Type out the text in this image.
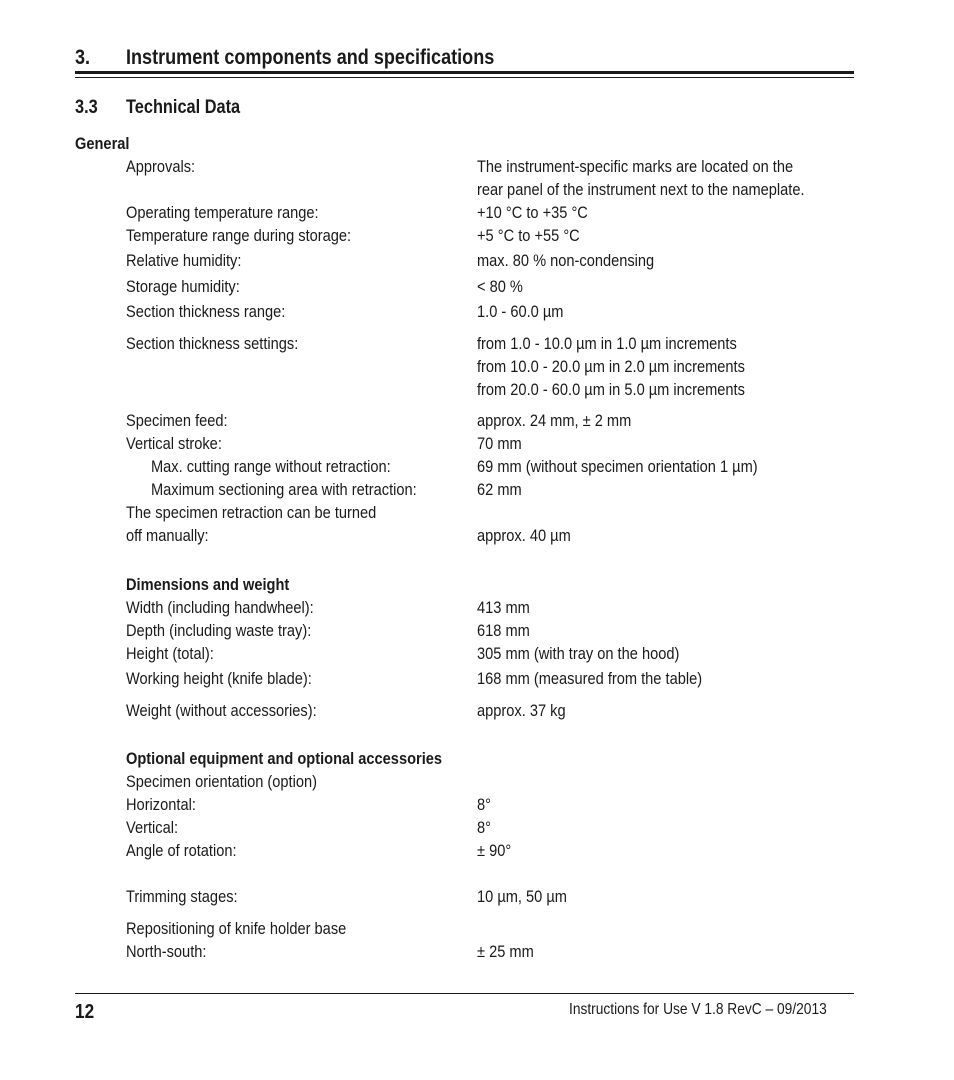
3. Instrument components and specifications
3.3 Technical Data
General
Approvals:	The instrument-specific marks are located on the
rear panel of the instrument next to the nameplate.
Operating temperature range:	+10 °C to +35 °C
Temperature range during storage:	+5 °C to +55 °C
Relative humidity:	max. 80 % non-condensing
Storage humidity:	< 80 %
Section thickness range:	1.0 - 60.0 µm
Section thickness settings:	from 1.0 - 10.0 µm in 1.0 µm increments
from 10.0 - 20.0 µm in 2.0 µm increments
from 20.0 - 60.0 µm in 5.0 µm increments
Specimen feed:	approx. 24 mm, ± 2 mm
Vertical stroke:	70 mm
Max. cutting range without retraction:	69 mm (without specimen orientation 1 µm)
Maximum sectioning area with retraction:	62 mm
The specimen retraction can be turned
off manually:	approx. 40 µm
Dimensions and weight
Width (including handwheel):	413 mm
Depth (including waste tray):	618 mm
Height (total):	305 mm (with tray on the hood)
Working height (knife blade):	168 mm (measured from the table)
Weight (without accessories):	approx. 37 kg
Optional equipment and optional accessories
Specimen orientation (option)
Horizontal:	8°
Vertical:	8°
Angle of rotation:	± 90°
Trimming stages:	10 µm, 50 µm
Repositioning of knife holder base
North-south:	± 25 mm
12	Instructions for Use V 1.8 RevC – 09/2013
